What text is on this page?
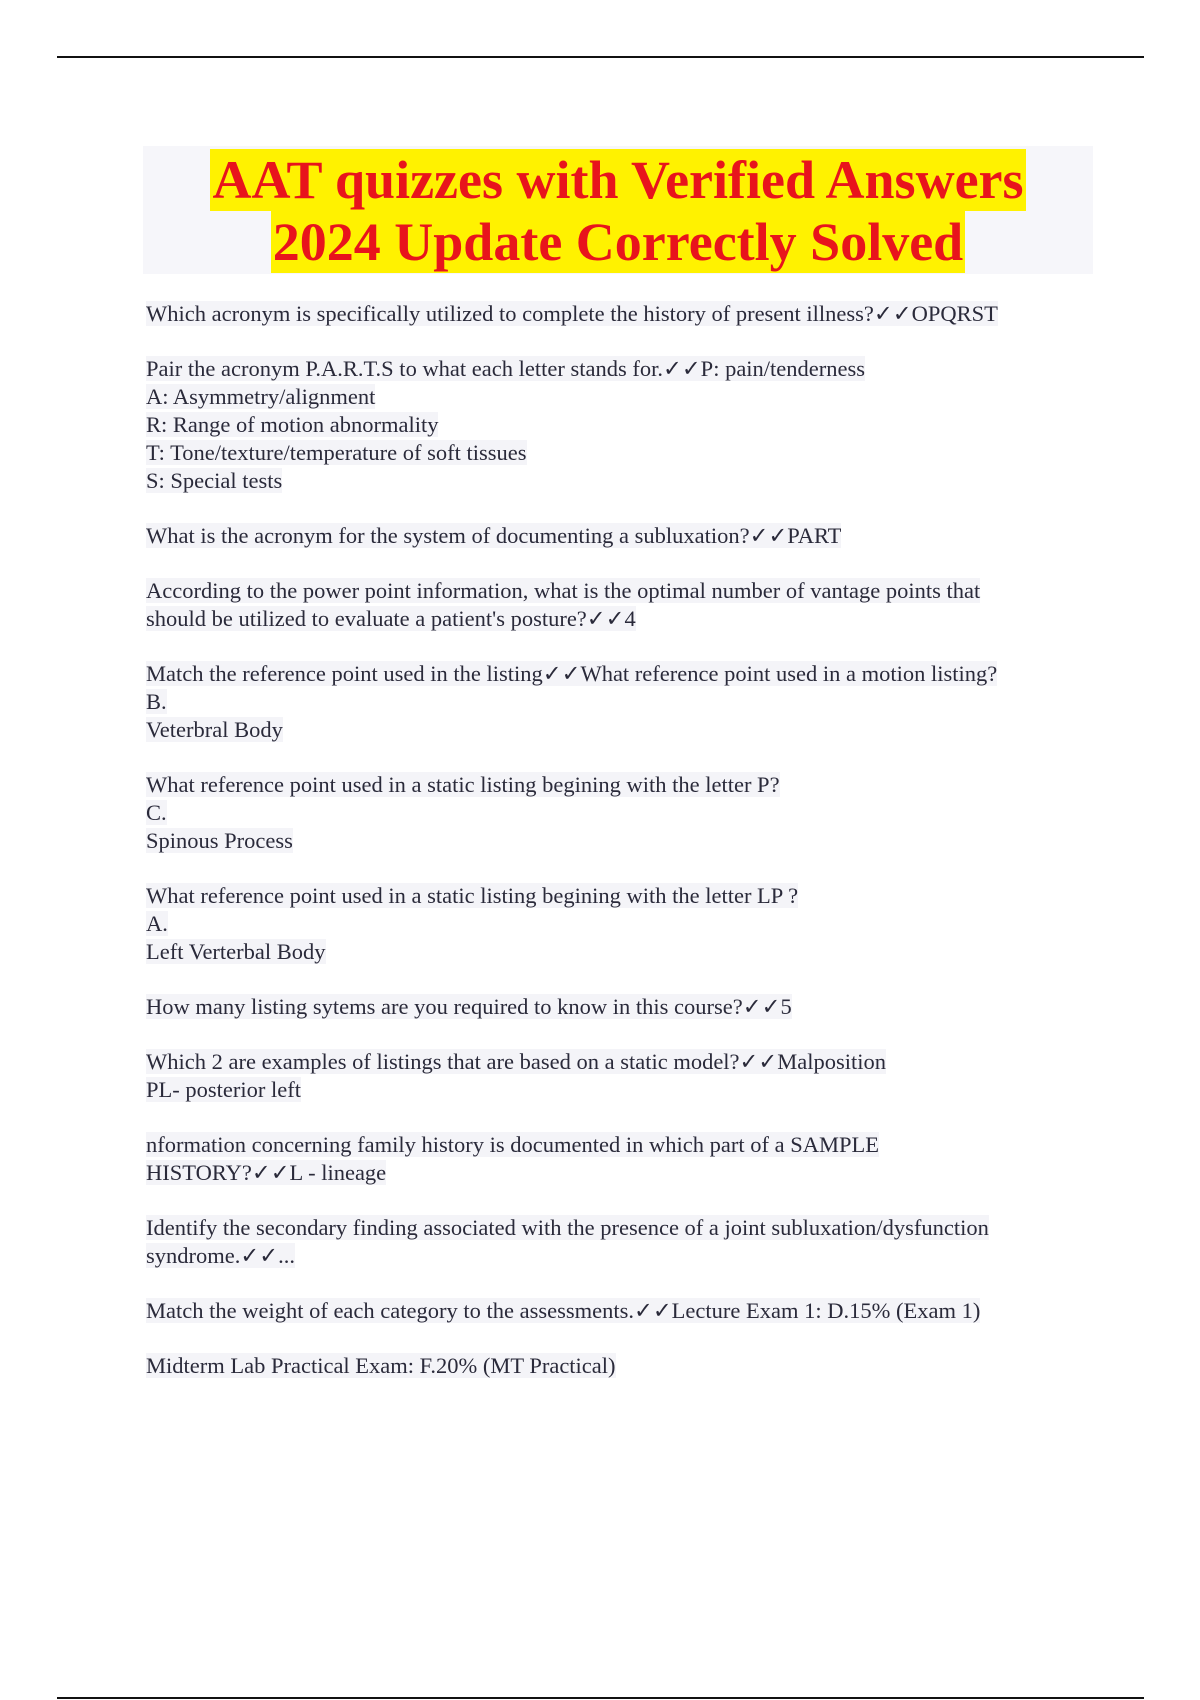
AAT quizzes with Verified Answers
2024 Update Correctly Solved
Which acronym is specifically utilized to complete the history of present illness?✓✓OPQRST
Pair the acronym P.A.R.T.S to what each letter stands for.✓✓P: pain/tenderness
A: Asymmetry/alignment
R: Range of motion abnormality
T: Tone/texture/temperature of soft tissues
S: Special tests
What is the acronym for the system of documenting a subluxation?✓✓PART
According to the power point information, what is the optimal number of vantage points that
should be utilized to evaluate a patient's posture?✓✓4
Match the reference point used in the listing✓✓What reference point used in a motion listing?
B.
Veterbral Body
What reference point used in a static listing begining with the letter P?
C.
Spinous Process
What reference point used in a static listing begining with the letter LP ?
A.
Left Verterbal Body
How many listing sytems are you required to know in this course?✓✓5
Which 2 are examples of listings that are based on a static model?✓✓Malposition
PL- posterior left
nformation concerning family history is documented in which part of a SAMPLE
HISTORY?✓✓L - lineage
Identify the secondary finding associated with the presence of a joint subluxation/dysfunction
syndrome.✓✓...
Match the weight of each category to the assessments.✓✓Lecture Exam 1: D.15% (Exam 1)
Midterm Lab Practical Exam: F.20% (MT Practical)
